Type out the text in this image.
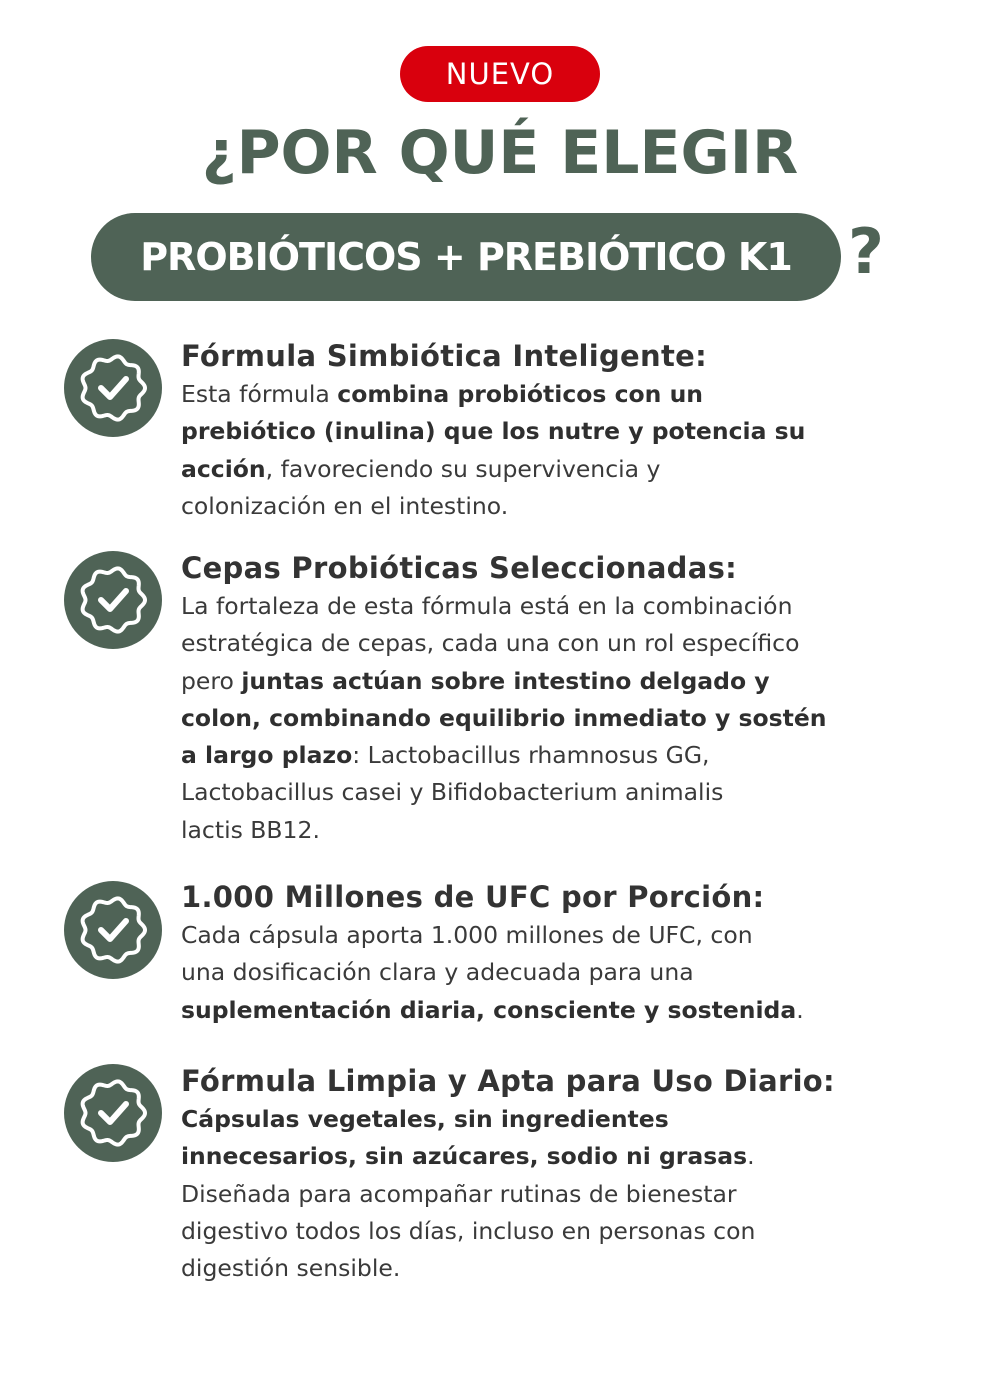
NUEVO
¿POR QUÉ ELEGIR
PROBIÓTICOS + PREBIÓTICO K1 ?
Fórmula Simbiótica Inteligente:
Esta fórmula combina probióticos con un
prebiótico (inulina) que los nutre y potencia su
acción, favoreciendo su supervivencia y
colonización en el intestino.
Cepas Probióticas Seleccionadas:
La fortaleza de esta fórmula está en la combinación
estratégica de cepas, cada una con un rol específico
pero juntas actúan sobre intestino delgado y
colon, combinando equilibrio inmediato y sostén
a largo plazo: Lactobacillus rhamnosus GG,
Lactobacillus casei y Bifidobacterium animalis
lactis BB12.
1.000 Millones de UFC por Porción:
Cada cápsula aporta 1.000 millones de UFC, con
una dosificación clara y adecuada para una
suplementación diaria, consciente y sostenida.
Fórmula Limpia y Apta para Uso Diario:
Cápsulas vegetales, sin ingredientes
innecesarios, sin azúcares, sodio ni grasas.
Diseñada para acompañar rutinas de bienestar
digestivo todos los días, incluso en personas con
digestión sensible.
